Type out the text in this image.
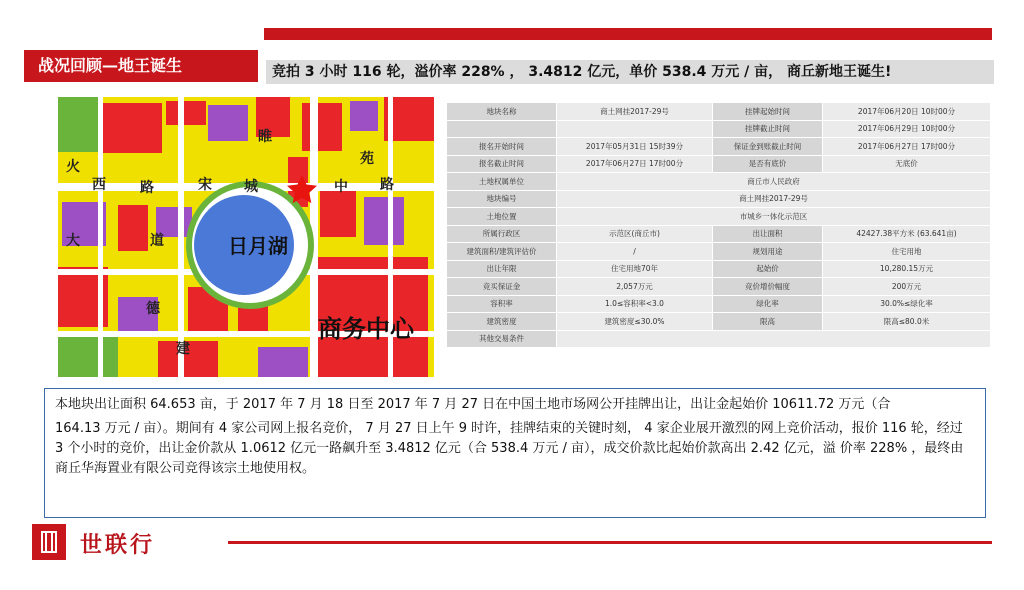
战况回顾—地王诞生	竞拍 3 小时 116 轮，溢价率 228% ， 3.4812 亿元，单价 538.4 万元 / 亩， 商丘新地王诞生!
火
西 路	宋 城	中 路
苑
睢
大	道
德
建
日月湖
商务中心
地块名称	商土网挂2017-29号	挂牌起始时间	2017年06月20日 10时00分
		挂牌截止时间	2017年06月29日 10时00分
报名开始时间	2017年05月31日 15时39分	保证金到账截止时间	2017年06月27日 17时00分
报名截止时间	2017年06月27日 17时00分	是否有底价	无底价
土地权属单位	商丘市人民政府		
地块编号	商土网挂2017-29号		
土地位置	市城乡一体化示范区		
所属行政区	示范区(商丘市)	出让面积	42427.38平方米 (63.641亩)
建筑面积/建筑评估价	/	规划用途	住宅用地
出让年限	住宅用地70年	起始价	10,280.15万元
竞买保证金	2,057万元	竞价增价幅度	200万元
容积率	1.0≤容积率<3.0	绿化率	30.0%≤绿化率
建筑密度	建筑密度≤30.0%	限高	限高≤80.0米
其他交易条件			

本地块出让面积 64.653 亩，于 2017 年 7 月 18 日至 2017 年 7 月 27 日在中国土地市场网公开挂牌出让，出让金起始价 10611.72 万元（合

164.13 万元 / 亩）。期间有 4 家公司网上报名竞价， 7 月 27 日上午 9 时许，挂牌结束的关键时刻， 4 家企业展开激烈的网上竞价活动，报价 116 轮，经过 3 个小时的竞价，出让金价款从 1.0612 亿元一路飙升至 3.4812 亿元（合 538.4 万元 / 亩），成交价款比起始价款高出 2.42 亿元，溢 价率 228% ，最终由商丘华海置业有限公司竞得该宗土地使用权。

世联行
